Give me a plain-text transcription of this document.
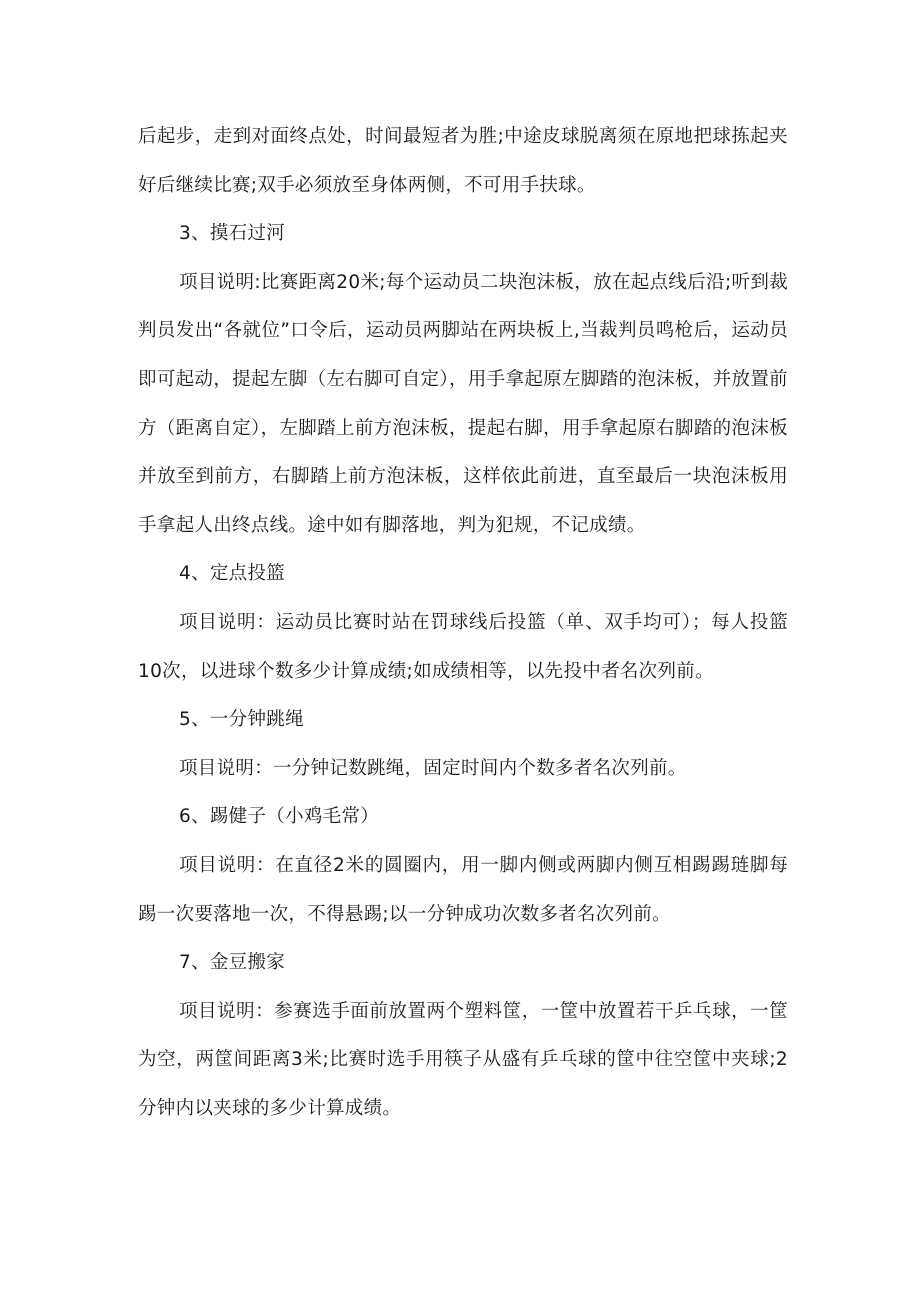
后起步，走到对面终点处，时间最短者为胜;中途皮球脱离须在原地把球拣起夹好后继续比赛;双手必须放至身体两侧，不可用手扶球。

3、摸石过河

项目说明:比赛距离20米;每个运动员二块泡沫板，放在起点线后沿;听到裁判员发出“各就位”口令后，运动员两脚站在两块板上,当裁判员鸣枪后，运动员即可起动，提起左脚（左右脚可自定），用手拿起原左脚踏的泡沫板，并放置前方（距离自定），左脚踏上前方泡沫板，提起右脚，用手拿起原右脚踏的泡沫板并放至到前方，右脚踏上前方泡沫板，这样依此前进，直至最后一块泡沫板用手拿起人出终点线。途中如有脚落地，判为犯规，不记成绩。

4、定点投篮

项目说明：运动员比赛时站在罚球线后投篮（单、双手均可）；每人投篮10次，以进球个数多少计算成绩;如成绩相等，以先投中者名次列前。

5、一分钟跳绳

项目说明：一分钟记数跳绳，固定时间内个数多者名次列前。

6、踢健子（小鸡毛常）

项目说明：在直径2米的圆圈内，用一脚内侧或两脚内侧互相踢踢琏脚每踢一次要落地一次，不得悬踢;以一分钟成功次数多者名次列前。

7、金豆搬家

项目说明：参赛选手面前放置两个塑料筐，一筐中放置若干乒乓球，一筐为空，两筐间距离3米;比赛时选手用筷子从盛有乒乓球的筐中往空筐中夹球;2分钟内以夹球的多少计算成绩。
